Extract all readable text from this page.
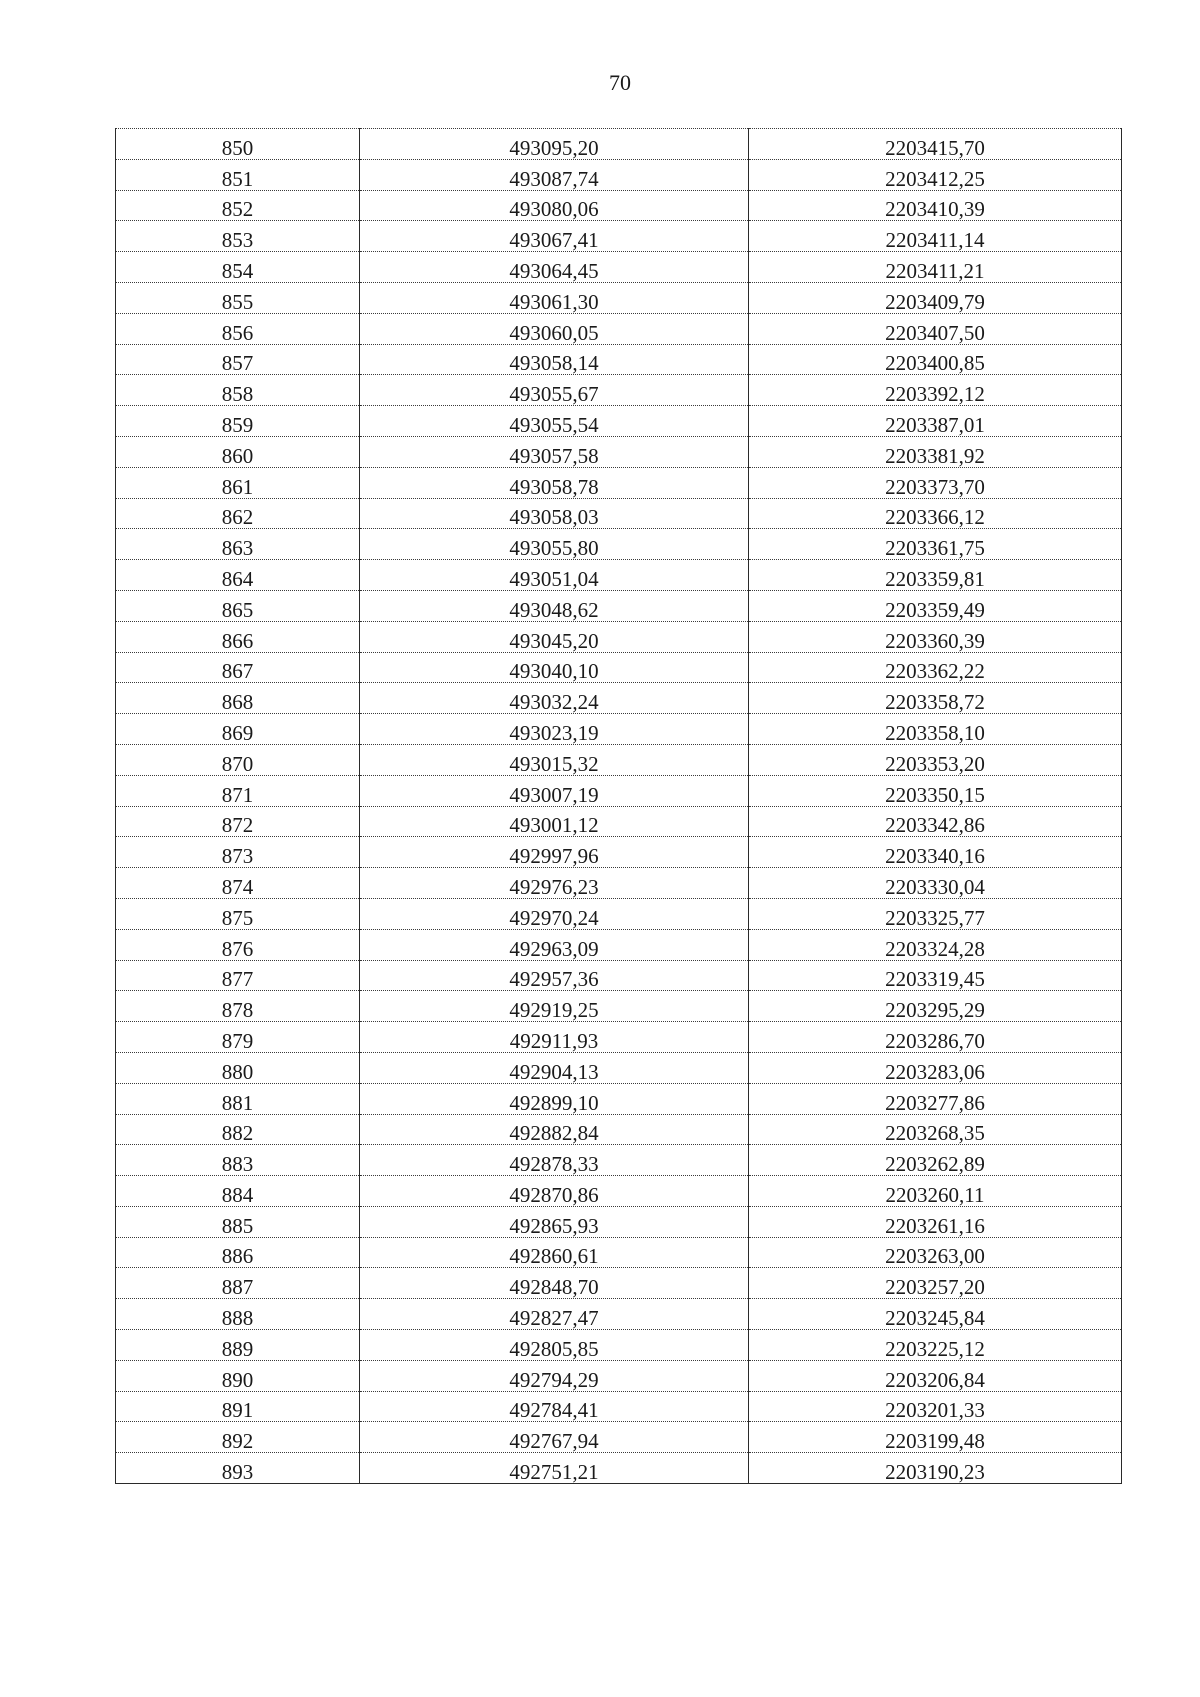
70
850	493095,20	2203415,70
851	493087,74	2203412,25
852	493080,06	2203410,39
853	493067,41	2203411,14
854	493064,45	2203411,21
855	493061,30	2203409,79
856	493060,05	2203407,50
857	493058,14	2203400,85
858	493055,67	2203392,12
859	493055,54	2203387,01
860	493057,58	2203381,92
861	493058,78	2203373,70
862	493058,03	2203366,12
863	493055,80	2203361,75
864	493051,04	2203359,81
865	493048,62	2203359,49
866	493045,20	2203360,39
867	493040,10	2203362,22
868	493032,24	2203358,72
869	493023,19	2203358,10
870	493015,32	2203353,20
871	493007,19	2203350,15
872	493001,12	2203342,86
873	492997,96	2203340,16
874	492976,23	2203330,04
875	492970,24	2203325,77
876	492963,09	2203324,28
877	492957,36	2203319,45
878	492919,25	2203295,29
879	492911,93	2203286,70
880	492904,13	2203283,06
881	492899,10	2203277,86
882	492882,84	2203268,35
883	492878,33	2203262,89
884	492870,86	2203260,11
885	492865,93	2203261,16
886	492860,61	2203263,00
887	492848,70	2203257,20
888	492827,47	2203245,84
889	492805,85	2203225,12
890	492794,29	2203206,84
891	492784,41	2203201,33
892	492767,94	2203199,48
893	492751,21	2203190,23
